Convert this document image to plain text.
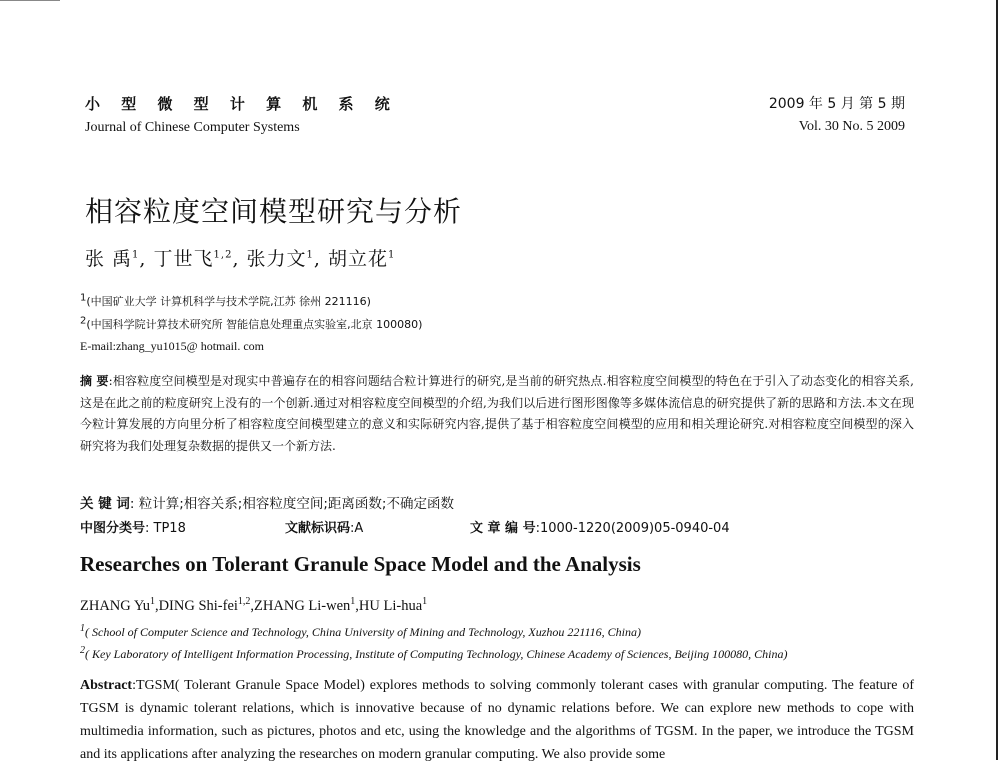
小 型 微 型 计 算 机 系 统
Journal of Chinese Computer Systems
2009 年 5 月 第 5 期
Vol. 30 No. 5 2009
相容粒度空间模型研究与分析
张 禹$^1$, 丁世飞$^{1,2}$, 张力文$^1$, 胡立花$^1$
$^1$(中国矿业大学 计算机科学与技术学院,江苏 徐州 221116)
$^2$(中国科学院计算技术研究所 智能信息处理重点实验室,北京 100080)
E-mail:zhang_yu1015@ hotmail. com
摘 要:相容粒度空间模型是对现实中普遍存在的相容问题结合粒计算进行的研究,是当前的研究热点.相容粒度空间模型的特色在于引入了动态变化的相容关系,这是在此之前的粒度研究上没有的一个创新.通过对相容粒度空间模型的介绍,为我们以后进行图形图像等多媒体流信息的研究提供了新的思路和方法.本文在现今粒计算发展的方向里分析了相容粒度空间模型建立的意义和实际研究内容,提供了基于相容粒度空间模型的应用和相关理论研究.对相容粒度空间模型的深入研究将为我们处理复杂数据的提供又一个新方法.
关 键 词: 粒计算;相容关系;相容粒度空间;距离函数;不确定函数
中图分类号: TP18	文献标识码:A	文 章 编 号:1000-1220(2009)05-0940-04
Researches on Tolerant Granule Space Model and the Analysis
ZHANG Yu$^1$,DING Shi-fei$^{1,2}$,ZHANG Li-wen$^1$,HU Li-hua$^1$
$^1$( School of Computer Science and Technology, China University of Mining and Technology, Xuzhou 221116, China)
$^2$( Key Laboratory of Intelligent Information Processing, Institute of Computing Technology, Chinese Academy of Sciences, Beijing 100080, China)
Abstract:TGSM( Tolerant Granule Space Model) explores methods to solving commonly tolerant cases with granular computing. The feature of TGSM is dynamic tolerant relations, which is innovative because of no dynamic relations before. We can explore new methods to cope with multimedia information, such as pictures, photos and etc, using the knowledge and the algorithms of TGSM. In the paper, we introduce the TGSM and its applications after analyzing the researches on modern granular computing. We also provide some
